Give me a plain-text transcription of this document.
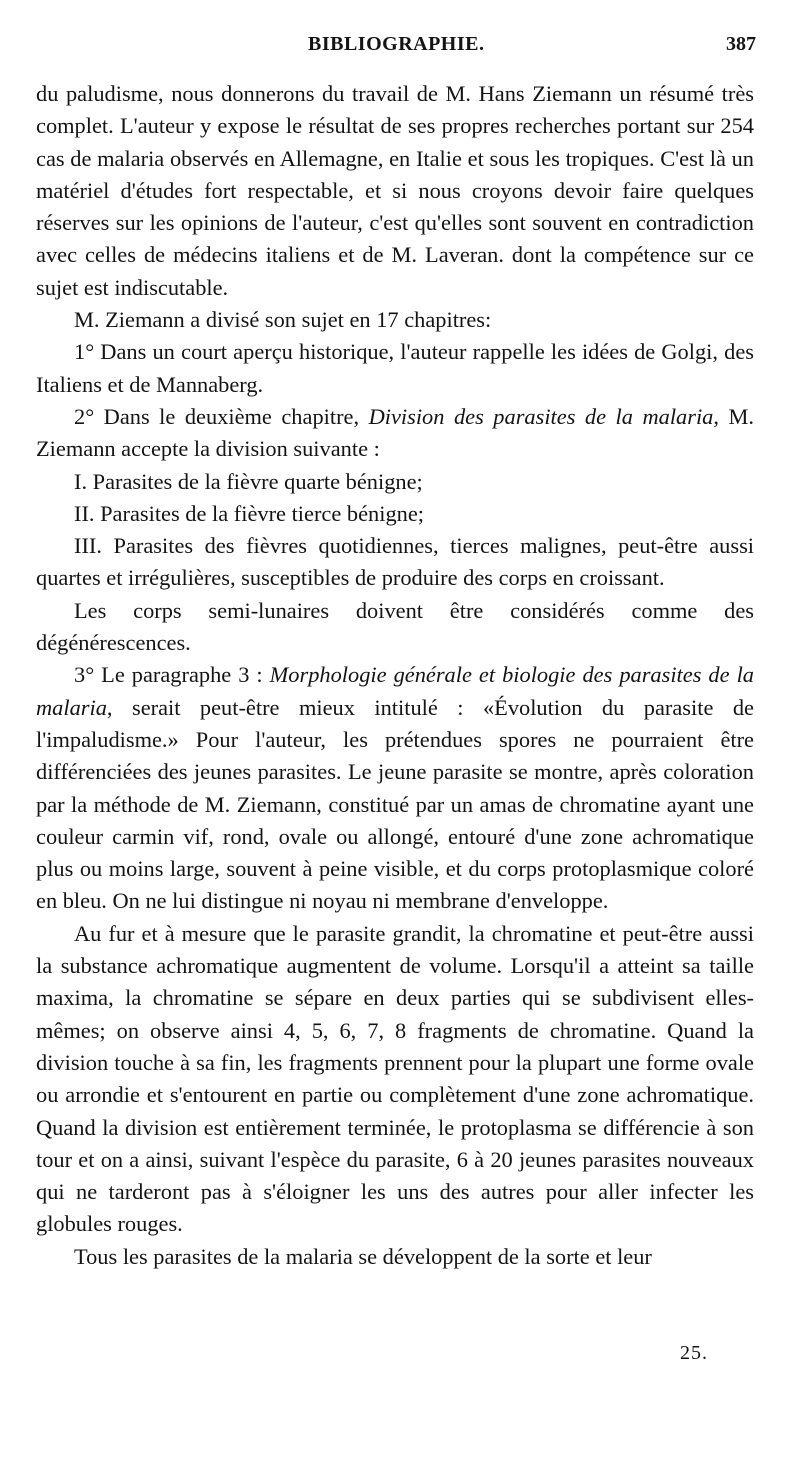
BIBLIOGRAPHIE.	387

du paludisme, nous donnerons du travail de M. Hans Ziemann un résumé très complet. L'auteur y expose le résultat de ses propres recherches portant sur 254 cas de malaria observés en Allemagne, en Italie et sous les tropiques. C'est là un matériel d'études fort respectable, et si nous croyons devoir faire quelques réserves sur les opinions de l'auteur, c'est qu'elles sont souvent en contradiction avec celles de médecins italiens et de M. Laveran. dont la compétence sur ce sujet est indiscutable.

M. Ziemann a divisé son sujet en 17 chapitres:

1° Dans un court aperçu historique, l'auteur rappelle les idées de Golgi, des Italiens et de Mannaberg.

2° Dans le deuxième chapitre, Division des parasites de la malaria, M. Ziemann accepte la division suivante :

I. Parasites de la fièvre quarte bénigne;

II. Parasites de la fièvre tierce bénigne;

III. Parasites des fièvres quotidiennes, tierces malignes, peut-être aussi quartes et irrégulières, susceptibles de produire des corps en croissant.

Les corps semi-lunaires doivent être considérés comme des dégénérescences.

3° Le paragraphe 3 : Morphologie générale et biologie des parasites de la malaria, serait peut-être mieux intitulé : «Évolution du parasite de l'impaludisme.» Pour l'auteur, les prétendues spores ne pourraient être différenciées des jeunes parasites. Le jeune parasite se montre, après coloration par la méthode de M. Ziemann, constitué par un amas de chromatine ayant une couleur carmin vif, rond, ovale ou allongé, entouré d'une zone achromatique plus ou moins large, souvent à peine visible, et du corps protoplasmique coloré en bleu. On ne lui distingue ni noyau ni membrane d'enveloppe.

Au fur et à mesure que le parasite grandit, la chromatine et peut-être aussi la substance achromatique augmentent de volume. Lorsqu'il a atteint sa taille maxima, la chromatine se sépare en deux parties qui se subdivisent elles-mêmes; on observe ainsi 4, 5, 6, 7, 8 fragments de chromatine. Quand la division touche à sa fin, les fragments prennent pour la plupart une forme ovale ou arrondie et s'entourent en partie ou complètement d'une zone achromatique. Quand la division est entièrement terminée, le protoplasma se différencie à son tour et on a ainsi, suivant l'espèce du parasite, 6 à 20 jeunes parasites nouveaux qui ne tarderont pas à s'éloigner les uns des autres pour aller infecter les globules rouges.

Tous les parasites de la malaria se développent de la sorte et leur

25.
